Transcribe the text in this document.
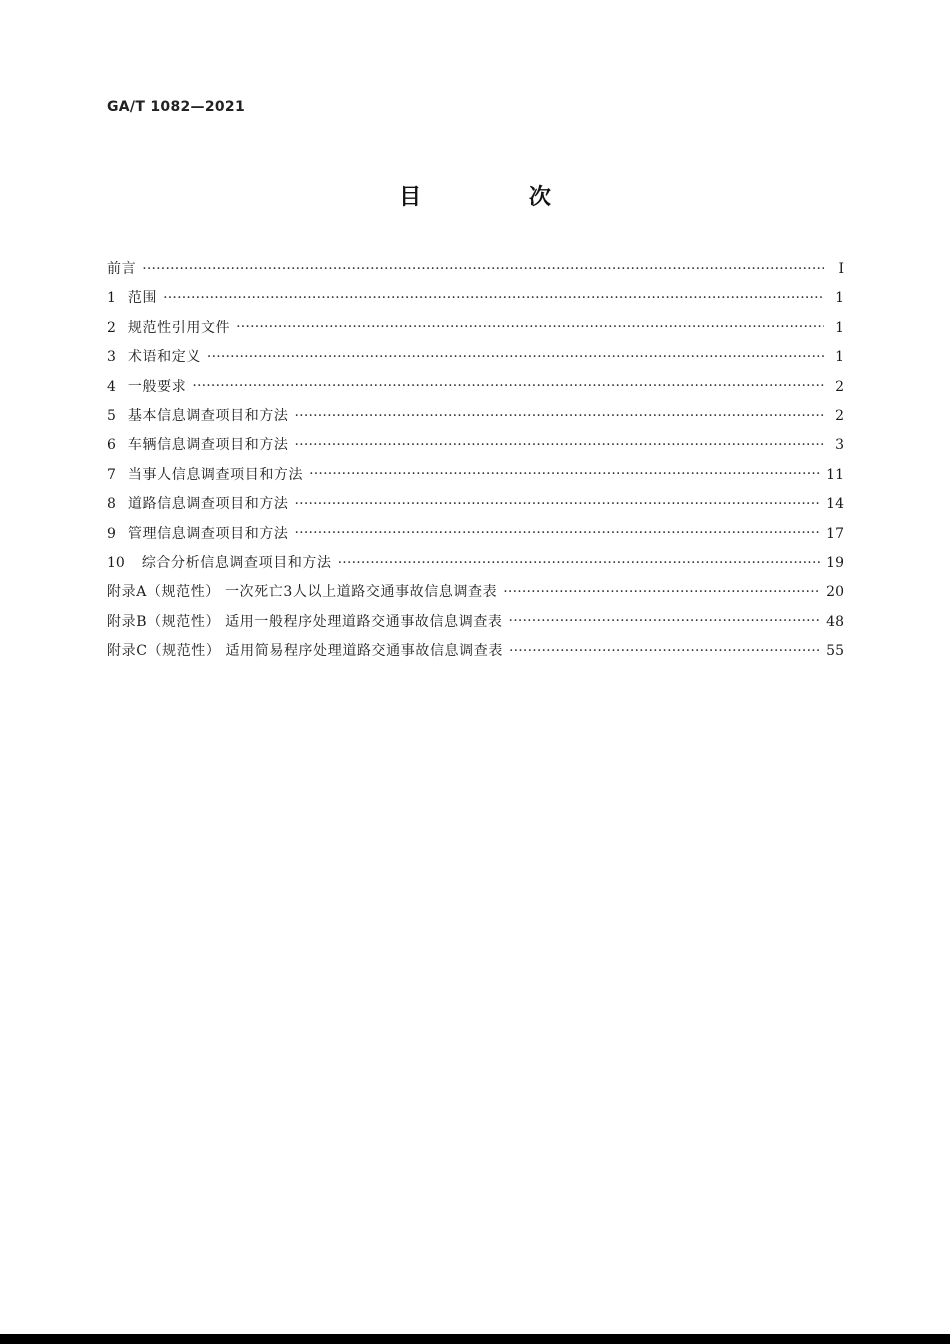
GA/T 1082—2021
目 次
前言 ·····	Ⅰ
1 范围 ·····	1
2 规范性引用文件 ·····	1
3 术语和定义 ·····	1
4 一般要求 ·····	2
5 基本信息调查项目和方法 ·····	2
6 车辆信息调查项目和方法 ·····	3
7 当事人信息调查项目和方法 ·····	11
8 道路信息调查项目和方法 ·····	14
9 管理信息调查项目和方法 ·····	17
10	综合分析信息调查项目和方法 ·····	19
附录A（规范性） 一次死亡3人以上道路交通事故信息调查表 ·····	20
附录B（规范性） 适用一般程序处理道路交通事故信息调查表 ·····	48
附录C（规范性） 适用简易程序处理道路交通事故信息调查表 ·····	55
